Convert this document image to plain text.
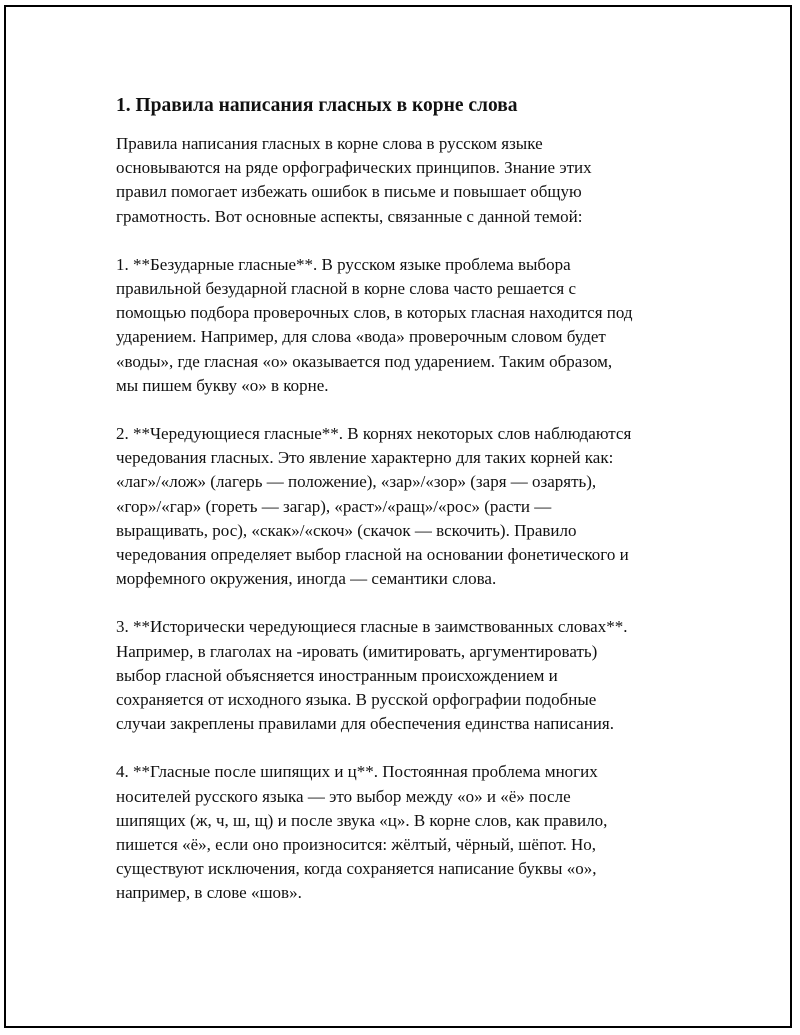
1. Правила написания гласных в корне слова
Правила написания гласных в корне слова в русском языке
основываются на ряде орфографических принципов. Знание этих
правил помогает избежать ошибок в письме и повышает общую
грамотность. Вот основные аспекты, связанные с данной темой:
1. **Безударные гласные**. В русском языке проблема выбора
правильной безударной гласной в корне слова часто решается с
помощью подбора проверочных слов, в которых гласная находится под
ударением. Например, для слова «вода» проверочным словом будет
«воды», где гласная «о» оказывается под ударением. Таким образом,
мы пишем букву «о» в корне.
2. **Чередующиеся гласные**. В корнях некоторых слов наблюдаются
чередования гласных. Это явление характерно для таких корней как:
«лаг»/«лож» (лагерь — положение), «зар»/«зор» (заря — озарять),
«гор»/«гар» (гореть — загар), «раст»/«ращ»/«рос» (расти —
выращивать, рос), «скак»/«скоч» (скачок — вскочить). Правило
чередования определяет выбор гласной на основании фонетического и
морфемного окружения, иногда — семантики слова.
3. **Исторически чередующиеся гласные в заимствованных словах**.
Например, в глаголах на -ировать (имитировать, аргументировать)
выбор гласной объясняется иностранным происхождением и
сохраняется от исходного языка. В русской орфографии подобные
случаи закреплены правилами для обеспечения единства написания.
4. **Гласные после шипящих и ц**. Постоянная проблема многих
носителей русского языка — это выбор между «о» и «ё» после
шипящих (ж, ч, ш, щ) и после звука «ц». В корне слов, как правило,
пишется «ё», если оно произносится: жёлтый, чёрный, шёпот. Но,
существуют исключения, когда сохраняется написание буквы «о»,
например, в слове «шов».
